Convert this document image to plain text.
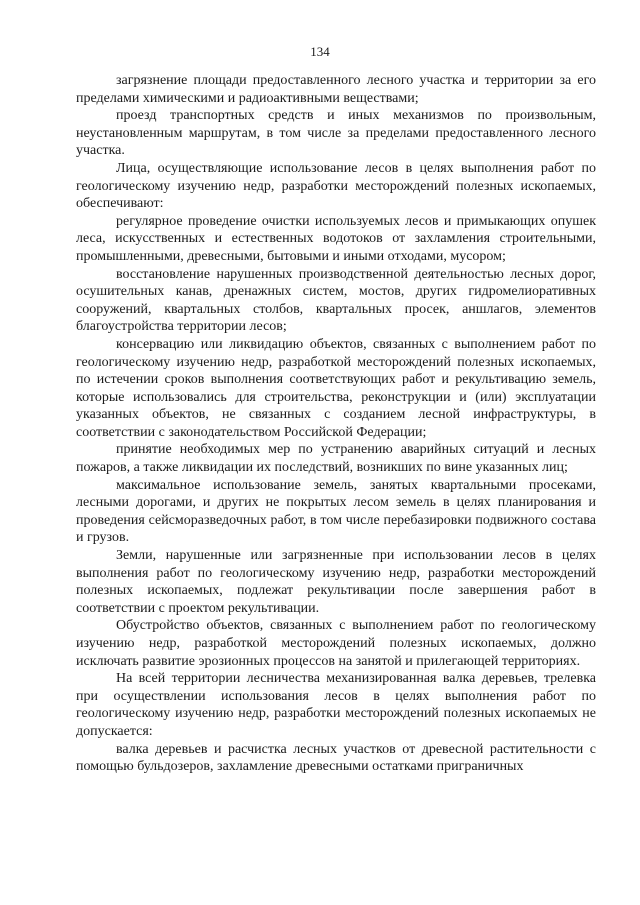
134

загрязнение площади предоставленного лесного участка и территории за его пределами химическими и радиоактивными веществами;

проезд транспортных средств и иных механизмов по произвольным, неустановленным маршрутам, в том числе за пределами предоставленного лесного участка.

Лица, осуществляющие использование лесов в целях выполнения работ по геологическому изучению недр, разработки месторождений полезных ископаемых, обеспечивают:

регулярное проведение очистки используемых лесов и примыкающих опушек леса, искусственных и естественных водотоков от захламления строительными, промышленными, древесными, бытовыми и иными отходами, мусором;

восстановление нарушенных производственной деятельностью лесных дорог, осушительных канав, дренажных систем, мостов, других гидромелиоративных сооружений, квартальных столбов, квартальных просек, аншлагов, элементов благоустройства территории лесов;

консервацию или ликвидацию объектов, связанных с выполнением работ по геологическому изучению недр, разработкой месторождений полезных ископаемых, по истечении сроков выполнения соответствующих работ и рекультивацию земель, которые использовались для строительства, реконструкции и (или) эксплуатации указанных объектов, не связанных с созданием лесной инфраструктуры, в соответствии с законодательством Российской Федерации;

принятие необходимых мер по устранению аварийных ситуаций и лесных пожаров, а также ликвидации их последствий, возникших по вине указанных лиц;

максимальное использование земель, занятых квартальными просеками, лесными дорогами, и других не покрытых лесом земель в целях планирования и проведения сейсморазведочных работ, в том числе перебазировки подвижного состава и грузов.

Земли, нарушенные или загрязненные при использовании лесов в целях выполнения работ по геологическому изучению недр, разработки месторождений полезных ископаемых, подлежат рекультивации после завершения работ в соответствии с проектом рекультивации.

Обустройство объектов, связанных с выполнением работ по геологическому изучению недр, разработкой месторождений полезных ископаемых, должно исключать развитие эрозионных процессов на занятой и прилегающей территориях.

На всей территории лесничества механизированная валка деревьев, трелевка при осуществлении использования лесов в целях выполнения работ по геологическому изучению недр, разработки месторождений полезных ископаемых не допускается:

валка деревьев и расчистка лесных участков от древесной растительности с помощью бульдозеров, захламление древесными остатками приграничных
